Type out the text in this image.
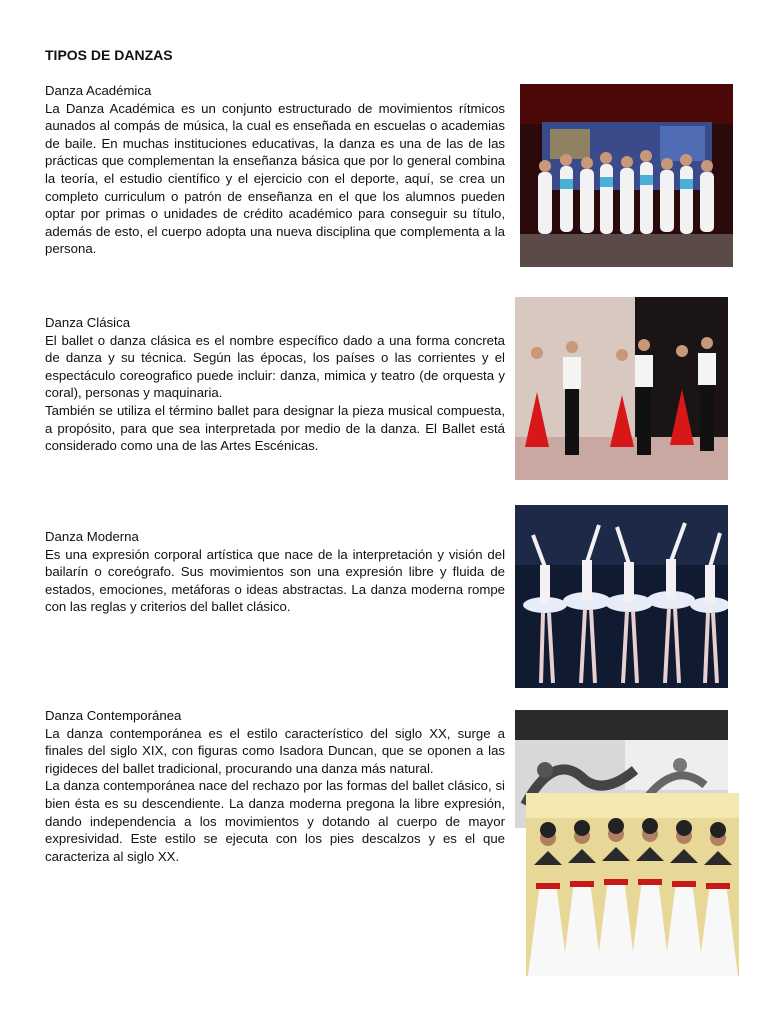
TIPOS DE DANZAS
Danza Académica

La Danza Académica es un conjunto estructurado de movimientos rítmicos aunados al compás de música, la cual es enseñada en escuelas o academias de baile. En muchas instituciones educativas, la danza es una de las de las prácticas que complementan la enseñanza básica que por lo general combina la teoría, el estudio científico y el ejercicio con el deporte, aquí, se crea un completo curriculum o patrón de enseñanza en el que los alumnos pueden optar por primas o unidades de crédito académico para conseguir su título, además de esto, el cuerpo adopta una nueva disciplina que complementa a la persona.

Danza Clásica

El ballet o danza clásica es el nombre específico dado a una forma concreta de danza y su técnica. Según las épocas, los países o las corrientes y el espectáculo coreografico puede incluir: danza, mimica y teatro (de orquesta y coral), personas y maquinaria.

También se utiliza el término ballet para designar la pieza musical compuesta, a propósito, para que sea interpretada por medio de la danza. El Ballet está considerado como una de las Artes Escénicas.

Danza Moderna

Es una expresión corporal artística que nace de la interpretación y visión del bailarín o coreógrafo. Sus movimientos son una expresión libre y fluida de estados, emociones, metáforas o ideas abstractas. La danza moderna rompe con las reglas y criterios del ballet clásico.

Danza Contemporánea

La danza contemporánea es el estilo característico del siglo XX, surge a finales del siglo XIX, con figuras como Isadora Duncan, que se oponen a las rigideces del ballet tradicional, procurando una danza más natural.

La danza contemporánea nace del rechazo por las formas del ballet clásico, si bien ésta es su descendiente. La danza moderna pregona la libre expresión, dando independencia a los movimientos y dotando al cuerpo de mayor expresividad. Este estilo se ejecuta con los pies descalzos y es el que caracteriza al siglo XX.
